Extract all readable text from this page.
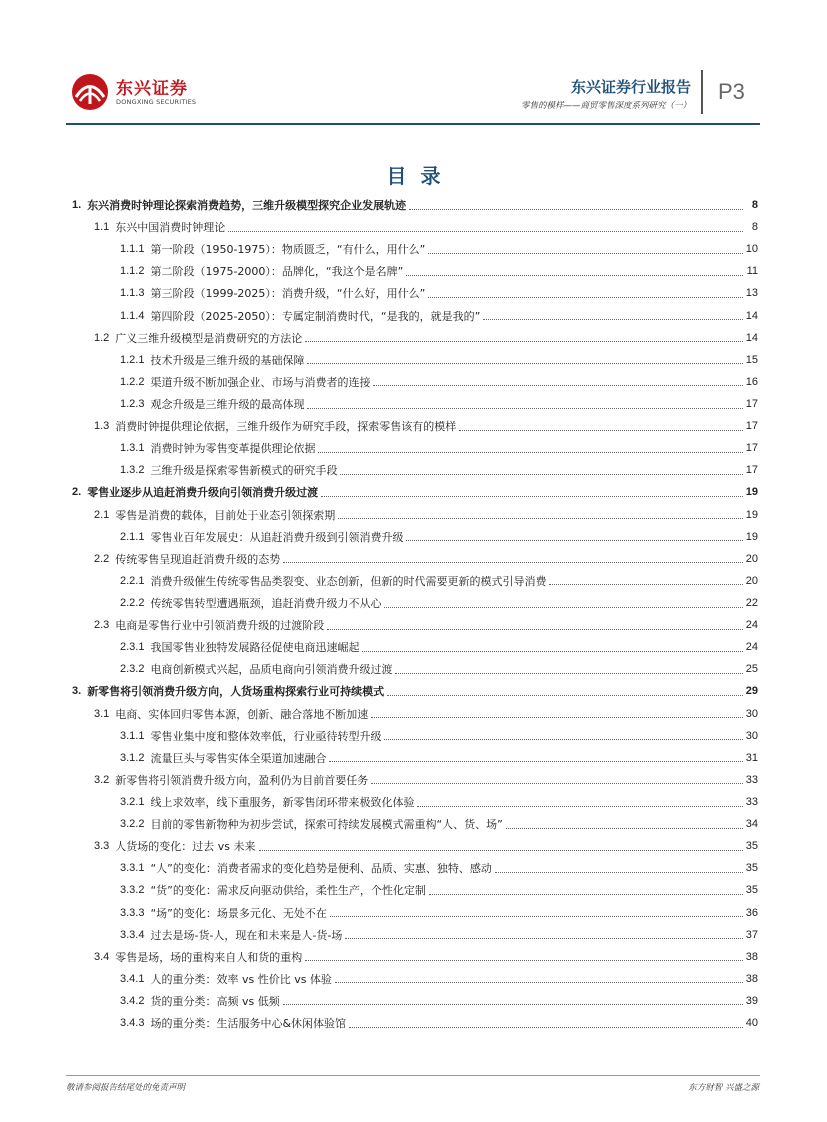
东兴证券
DONGXING SECURITIES
东兴证券行业报告
零售的模样——商贸零售深度系列研究（一）
P3
目录
1. 东兴消费时钟理论探索消费趋势，三维升级模型探究企业发展轨迹	8
1.1 东兴中国消费时钟理论	8
1.1.1 第一阶段（1950-1975）：物质匮乏，“有什么，用什么”	10
1.1.2 第二阶段（1975-2000）：品牌化，“我这个是名牌”	11
1.1.3 第三阶段（1999-2025）：消费升级，“什么好，用什么”	13
1.1.4 第四阶段（2025-2050）：专属定制消费时代，“是我的，就是我的”	14
1.2 广义三维升级模型是消费研究的方法论	14
1.2.1 技术升级是三维升级的基础保障	15
1.2.2 渠道升级不断加强企业、市场与消费者的连接	16
1.2.3 观念升级是三维升级的最高体现	17
1.3 消费时钟提供理论依据，三维升级作为研究手段，探索零售该有的模样	17
1.3.1 消费时钟为零售变革提供理论依据	17
1.3.2 三维升级是探索零售新模式的研究手段	17
2. 零售业逐步从追赶消费升级向引领消费升级过渡	19
2.1 零售是消费的载体，目前处于业态引领探索期	19
2.1.1 零售业百年发展史：从追赶消费升级到引领消费升级	19
2.2 传统零售呈现追赶消费升级的态势	20
2.2.1 消费升级催生传统零售品类裂变、业态创新，但新的时代需要更新的模式引导消费	20
2.2.2 传统零售转型遭遇瓶颈，追赶消费升级力不从心	22
2.3 电商是零售行业中引领消费升级的过渡阶段	24
2.3.1 我国零售业独特发展路径促使电商迅速崛起	24
2.3.2 电商创新模式兴起，品质电商向引领消费升级过渡	25
3. 新零售将引领消费升级方向，人货场重构探索行业可持续模式	29
3.1 电商、实体回归零售本源，创新、融合落地不断加速	30
3.1.1 零售业集中度和整体效率低，行业亟待转型升级	30
3.1.2 流量巨头与零售实体全渠道加速融合	31
3.2 新零售将引领消费升级方向，盈利仍为目前首要任务	33
3.2.1 线上求效率，线下重服务，新零售闭环带来极致化体验	33
3.2.2 目前的零售新物种为初步尝试，探索可持续发展模式需重构“人、货、场”	34
3.3 人货场的变化：过去 vs 未来	35
3.3.1 “人”的变化：消费者需求的变化趋势是便利、品质、实惠、独特、感动	35
3.3.2 “货”的变化：需求反向驱动供给，柔性生产，个性化定制	35
3.3.3 “场”的变化：场景多元化、无处不在	36
3.3.4 过去是场-货-人，现在和未来是人-货-场	37
3.4 零售是场，场的重构来自人和货的重构	38
3.4.1 人的重分类：效率 vs 性价比 vs 体验	38
3.4.2 货的重分类：高频 vs 低频	39
3.4.3 场的重分类：生活服务中心&休闲体验馆	40
敬请参阅报告结尾处的免责声明	东方财智 兴盛之源
